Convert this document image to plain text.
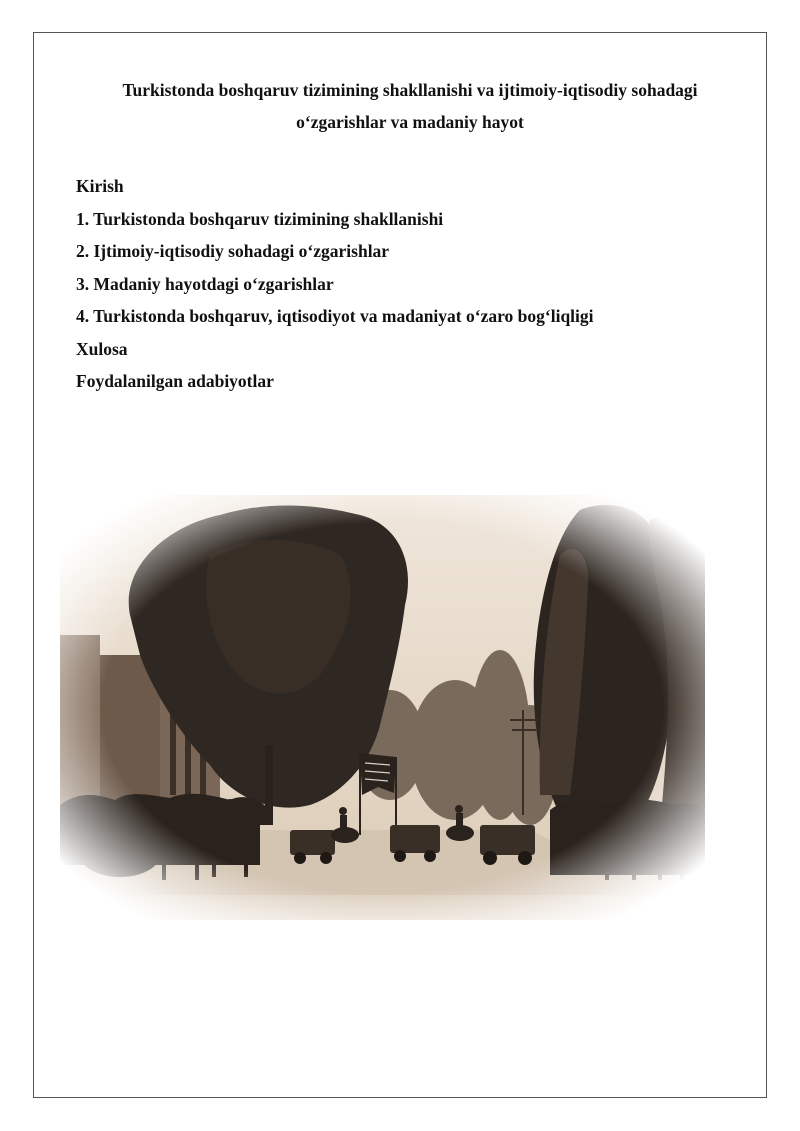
Turkistonda boshqaruv tizimining shakllanishi va ijtimoiy-iqtisodiy sohadagi
o‘zgarishlar va madaniy hayot
Kirish
1. Turkistonda boshqaruv tizimining shakllanishi
2. Ijtimoiy-iqtisodiy sohadagi o‘zgarishlar
3. Madaniy hayotdagi o‘zgarishlar
4. Turkistonda boshqaruv, iqtisodiyot va madaniyat o‘zaro bog‘liqligi
Xulosa
Foydalanilgan adabiyotlar
